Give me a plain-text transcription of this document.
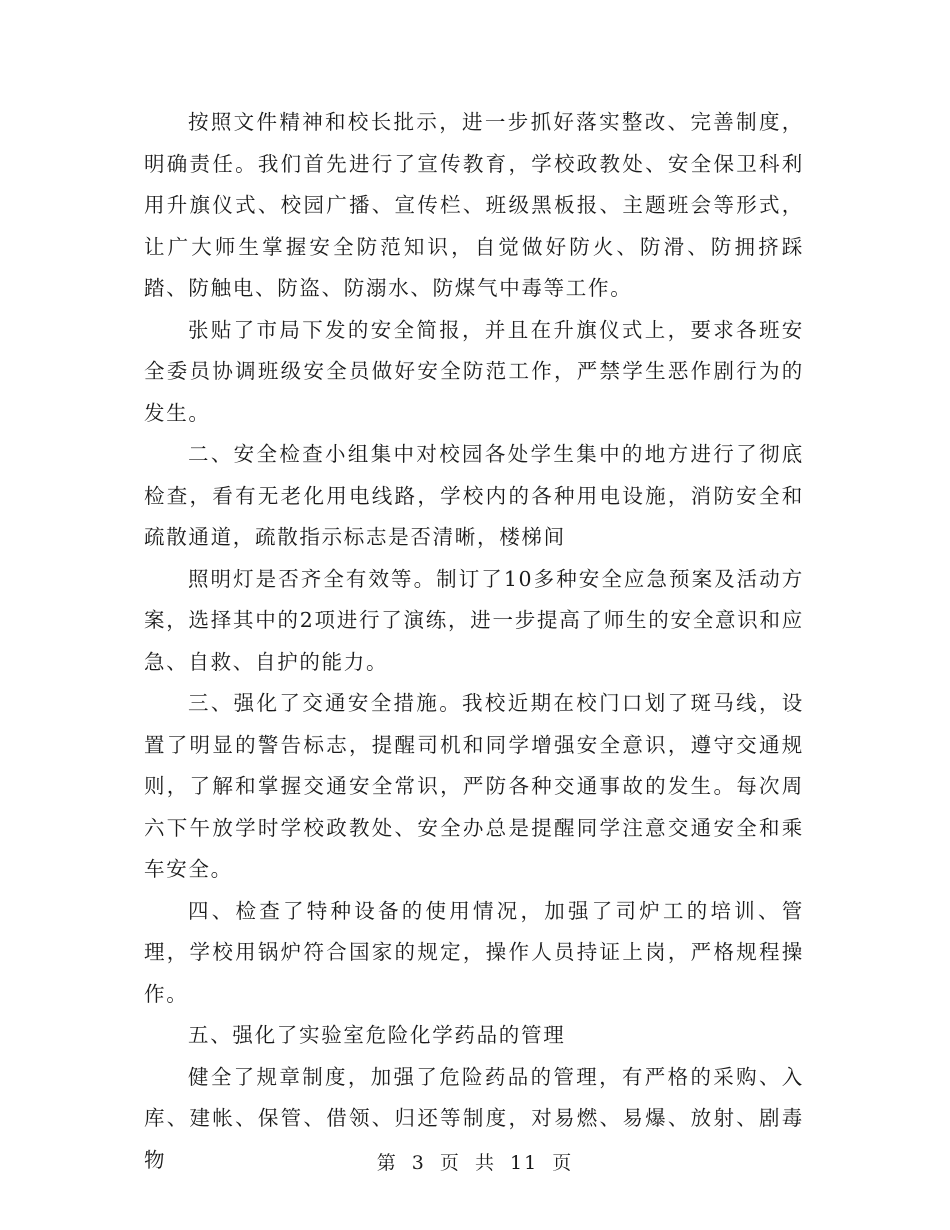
按照文件精神和校长批示，进一步抓好落实整改、完善制度，明确责任。我们首先进行了宣传教育，学校政教处、安全保卫科利用升旗仪式、校园广播、宣传栏、班级黑板报、主题班会等形式，让广大师生掌握安全防范知识，自觉做好防火、防滑、防拥挤踩踏、防触电、防盗、防溺水、防煤气中毒等工作。

张贴了市局下发的安全简报，并且在升旗仪式上，要求各班安全委员协调班级安全员做好安全防范工作，严禁学生恶作剧行为的发生。

二、安全检查小组集中对校园各处学生集中的地方进行了彻底检查，看有无老化用电线路，学校内的各种用电设施，消防安全和疏散通道，疏散指示标志是否清晰，楼梯间

照明灯是否齐全有效等。制订了10多种安全应急预案及活动方案，选择其中的2项进行了演练，进一步提高了师生的安全意识和应急、自救、自护的能力。

三、强化了交通安全措施。我校近期在校门口划了斑马线，设置了明显的警告标志，提醒司机和同学增强安全意识，遵守交通规则，了解和掌握交通安全常识，严防各种交通事故的发生。每次周六下午放学时学校政教处、安全办总是提醒同学注意交通安全和乘车安全。

四、检查了特种设备的使用情况，加强了司炉工的培训、管理，学校用锅炉符合国家的规定，操作人员持证上岗，严格规程操作。

五、强化了实验室危险化学药品的管理

健全了规章制度，加强了危险药品的管理，有严格的采购、入库、建帐、保管、借领、归还等制度，对易燃、易爆、放射、剧毒物	第 3 页 共 11 页
